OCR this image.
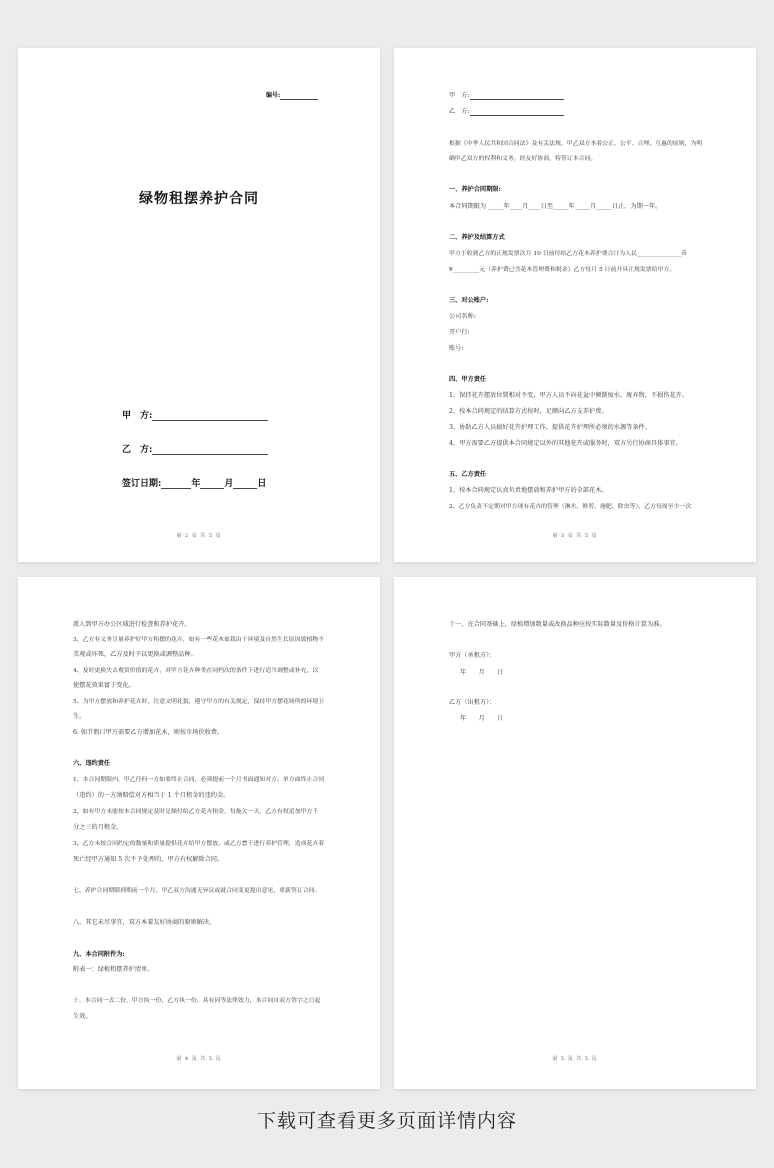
编号:
绿物租摆养护合同
甲　方:
乙　方:
签订日期:	年	月	日
第 2 页 共 5 页
甲　方:
乙　方:
根据《中华人民共和国合同法》及有关法规，甲乙双方本着公正、公平、合理、互惠的原则，为明
确甲乙双方的权利和义务，经友好协商，特签订本合同。
一、养护合同期限:
本合同期限为 _____年____月____日至_____年_____月_____日止，为期一年。
二、养护及结算方式
甲方于收到乙方的正规发票次月 10 日前付给乙方花木养护费合计为人民_______________币
¥_________元（养护费已含花木管理费和税金）乙方每月 5 日前开具正规发票给甲方。
三、对公账户:
公司名称:
开户行:
账号:
四、甲方责任
1、保持花卉摆放位置相对不变，甲方人员不向花盆中倾倒废水、废弃物，不损伤花卉。
2、按本合同规定的结算方式按时，足额向乙方支养护费。
3、协助乙方人员搞好花卉护理工作，提供花卉护理所必须的水源等条件。
4、甲方需要乙方提供本合同规定以外的其他花卉或服务时，双方另行协商具体事宜。
五、乙方责任
1、按本合同规定认真负责地摆放和养护甲方的全部花木。
2、乙方负责不定期对甲方现有花卉的管理（淋水、修剪、施肥、除虫等），乙方每周至少一次
第 3 页 共 5 页
派人到甲方办公区域进行检查和养护花卉。
3、乙方有义务尽量养护好甲方租摆的花卉，如有一些花木盆栽由于环境及自然生长原因致植物不
美观或坏死，乙方及时予以更换或调整品种。
4、及时更换失去观赏价值的花卉，对甲方花卉种类在同档次的条件下进行适当调整或补充，以
使摆花效果富于变化。
5、为甲方摆放和养护花卉时，注意文明礼貌，遵守甲方的有关规定，保持甲方摆花场所的环境卫
生。
6. 如节假日甲方需要乙方增加花木，则按市场价收费。
六、违约责任
1、本合同期限内，甲乙任何一方如要终止合同，必须提前一个月书面通知对方。单方面终止合同
（违约）的一方须赔偿对方相当于 1 个月租金的违约金。
2、如有甲方未能按本合同规定及时足额付给乙方花卉租金，每拖欠一天，乙方有权追加甲方千
分之三的月租金。
3、乙方未按合同约定的数量和质量提供花卉给甲方摆放，或乙方怠于进行养护管理，造成花卉着
死亡经甲方通知 5 次不予处理的，甲方有权解除合同。
七、养护合同期限到期前一个月，甲乙双方沟通无异议或就合同变更提出意见，重新签订合同。
八、其它未尽事宜，双方本着友好协商的原则解决。
九、本合同附件为:
附表一：绿植租摆养护清单。
十、本合同一式二份，甲方执一份，乙方执一份，具有同等法律效力，本合同自双方签字之日起
生效。
第 4 页 共 5 页
十一、在合同基础上，绿植增加数量或改换品种应按实际数量及价格计算为准。
甲方（承租方）：
年　　月　　日
乙方（出租方）：
年　　月　　日
第 5 页 共 5 页
下载可查看更多页面详情内容
